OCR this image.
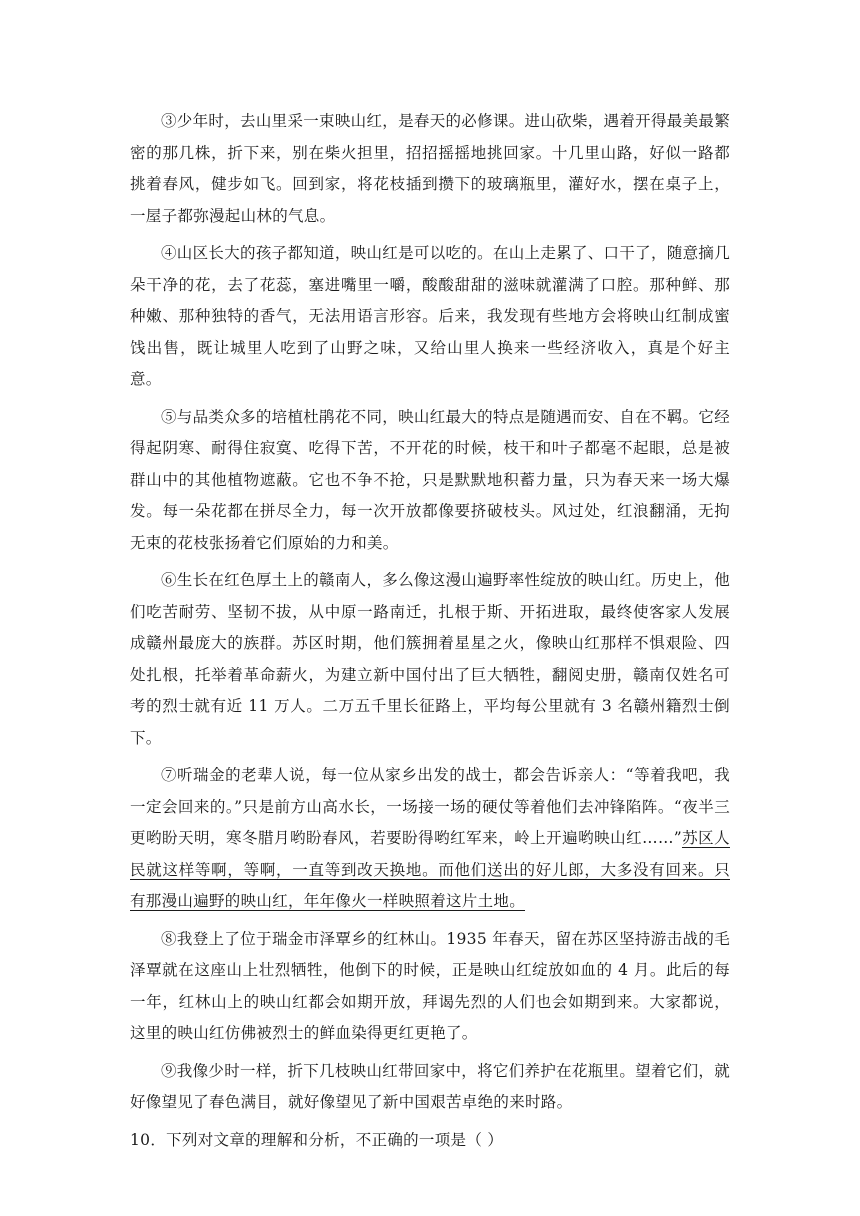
③少年时，去山里采一束映山红，是春天的必修课。进山砍柴，遇着开得最美最繁密的那几株，折下来，别在柴火担里，招招摇摇地挑回家。十几里山路，好似一路都挑着春风，健步如飞。回到家，将花枝插到攒下的玻璃瓶里，灌好水，摆在桌子上，一屋子都弥漫起山林的气息。

④山区长大的孩子都知道，映山红是可以吃的。在山上走累了、口干了，随意摘几朵干净的花，去了花蕊，塞进嘴里一嚼，酸酸甜甜的滋味就灌满了口腔。那种鲜、那种嫩、那种独特的香气，无法用语言形容。后来，我发现有些地方会将映山红制成蜜饯出售，既让城里人吃到了山野之味，又给山里人换来一些经济收入，真是个好主意。

⑤与品类众多的培植杜鹃花不同，映山红最大的特点是随遇而安、自在不羁。它经得起阴寒、耐得住寂寞、吃得下苦，不开花的时候，枝干和叶子都毫不起眼，总是被群山中的其他植物遮蔽。它也不争不抢，只是默默地积蓄力量，只为春天来一场大爆发。每一朵花都在拼尽全力，每一次开放都像要挤破枝头。风过处，红浪翻涌，无拘无束的花枝张扬着它们原始的力和美。

⑥生长在红色厚土上的赣南人，多么像这漫山遍野率性绽放的映山红。历史上，他们吃苦耐劳、坚韧不拔，从中原一路南迁，扎根于斯、开拓进取，最终使客家人发展成赣州最庞大的族群。苏区时期，他们簇拥着星星之火，像映山红那样不惧艰险、四处扎根，托举着革命薪火，为建立新中国付出了巨大牺牲，翻阅史册，赣南仅姓名可考的烈士就有近 11 万人。二万五千里长征路上，平均每公里就有 3 名赣州籍烈士倒下。

⑦听瑞金的老辈人说，每一位从家乡出发的战士，都会告诉亲人：“等着我吧，我一定会回来的。”只是前方山高水长，一场接一场的硬仗等着他们去冲锋陷阵。“夜半三更哟盼天明，寒冬腊月哟盼春风，若要盼得哟红军来，岭上开遍哟映山红……”苏区人民就这样等啊，等啊，一直等到改天换地。而他们送出的好儿郎，大多没有回来。只有那漫山遍野的映山红，年年像火一样映照着这片土地。

⑧我登上了位于瑞金市泽覃乡的红林山。1935 年春天，留在苏区坚持游击战的毛泽覃就在这座山上壮烈牺牲，他倒下的时候，正是映山红绽放如血的 4 月。此后的每一年，红林山上的映山红都会如期开放，拜谒先烈的人们也会如期到来。大家都说，这里的映山红仿佛被烈士的鲜血染得更红更艳了。

⑨我像少时一样，折下几枝映山红带回家中，将它们养护在花瓶里。望着它们，就好像望见了春色满目，就好像望见了新中国艰苦卓绝的来时路。

10．下列对文章的理解和分析，不正确的一项是（ ）
